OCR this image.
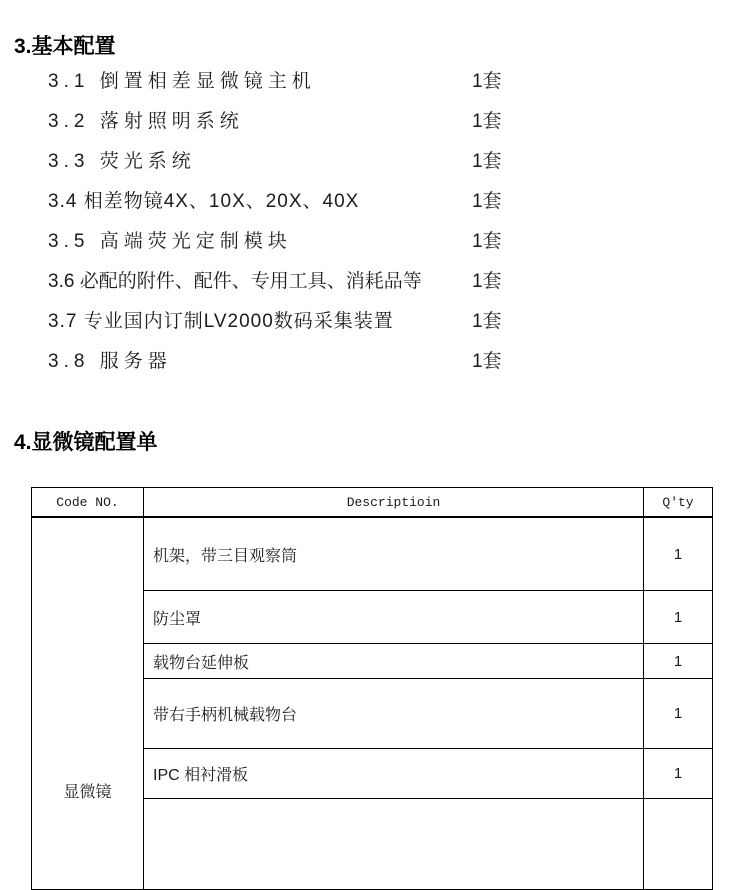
3.基本配置
3.1 倒置相差显微镜主机	1套
3.2 落射照明系统	1套
3.3 荧光系统	1套
3.4 相差物镜4X、10X、20X、40X	1套
3.5 高端荧光定制模块	1套
3.6 必配的附件、配件、专用工具、消耗品等	1套
3.7 专业国内订制LV2000数码采集装置	1套
3.8 服务器	1套
4.显微镜配置单
Code NO.	Descriptioin	Q'ty

显微镜	机架，带三目观察筒	1
	防尘罩	1
	载物台延伸板	1
	带右手柄机械载物台	1
	IPC 相衬滑板	1
